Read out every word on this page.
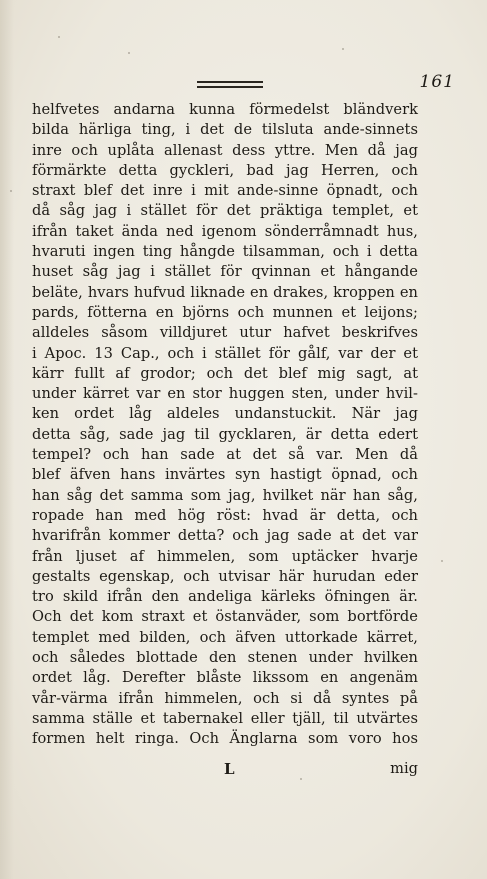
161
helfvetes andarna kunna förmedelst bländverk
bilda härliga ting, i det de tilsluta ande-sinnets
inre och uplåta allenast dess yttre. Men då jag
förmärkte detta gyckleri, bad jag Herren, och
straxt blef det inre i mit ande-sinne öpnadt, och
då såg jag i stället för det präktiga templet, et
ifrån taket ända ned igenom sönderråmnadt hus,
hvaruti ingen ting hångde tilsamman, och i detta
huset såg jag i stället för qvinnan et hångande
beläte, hvars hufvud liknade en drakes, kroppen en
pards, fötterna en björns och munnen et leijons;
alldeles såsom villdjuret utur hafvet beskrifves
i Apoc. 13 Cap., och i stället för gålf, var der et
kärr fullt af grodor; och det blef mig sagt, at
under kärret var en stor huggen sten, under hvil-
ken ordet låg aldeles undanstuckit. När jag
detta såg, sade jag til gycklaren, är detta edert
tempel? och han sade at det så var. Men då
blef äfven hans invärtes syn hastigt öpnad, och
han såg det samma som jag, hvilket när han såg,
ropade han med hög röst: hvad är detta, och
hvarifrån kommer detta? och jag sade at det var
från ljuset af himmelen, som uptäcker hvarje
gestalts egenskap, och utvisar här hurudan eder
tro skild ifrån den andeliga kärleks öfningen är.
Och det kom straxt et östanväder, som bortförde
templet med bilden, och äfven uttorkade kärret,
och således blottade den stenen under hvilken
ordet låg. Derefter blåste likssom en angenäm
vår-värma ifrån himmelen, och si då syntes på
samma ställe et tabernakel eller tjäll, til utvärtes
formen helt ringa. Och Änglarna som voro hos
L	mig
